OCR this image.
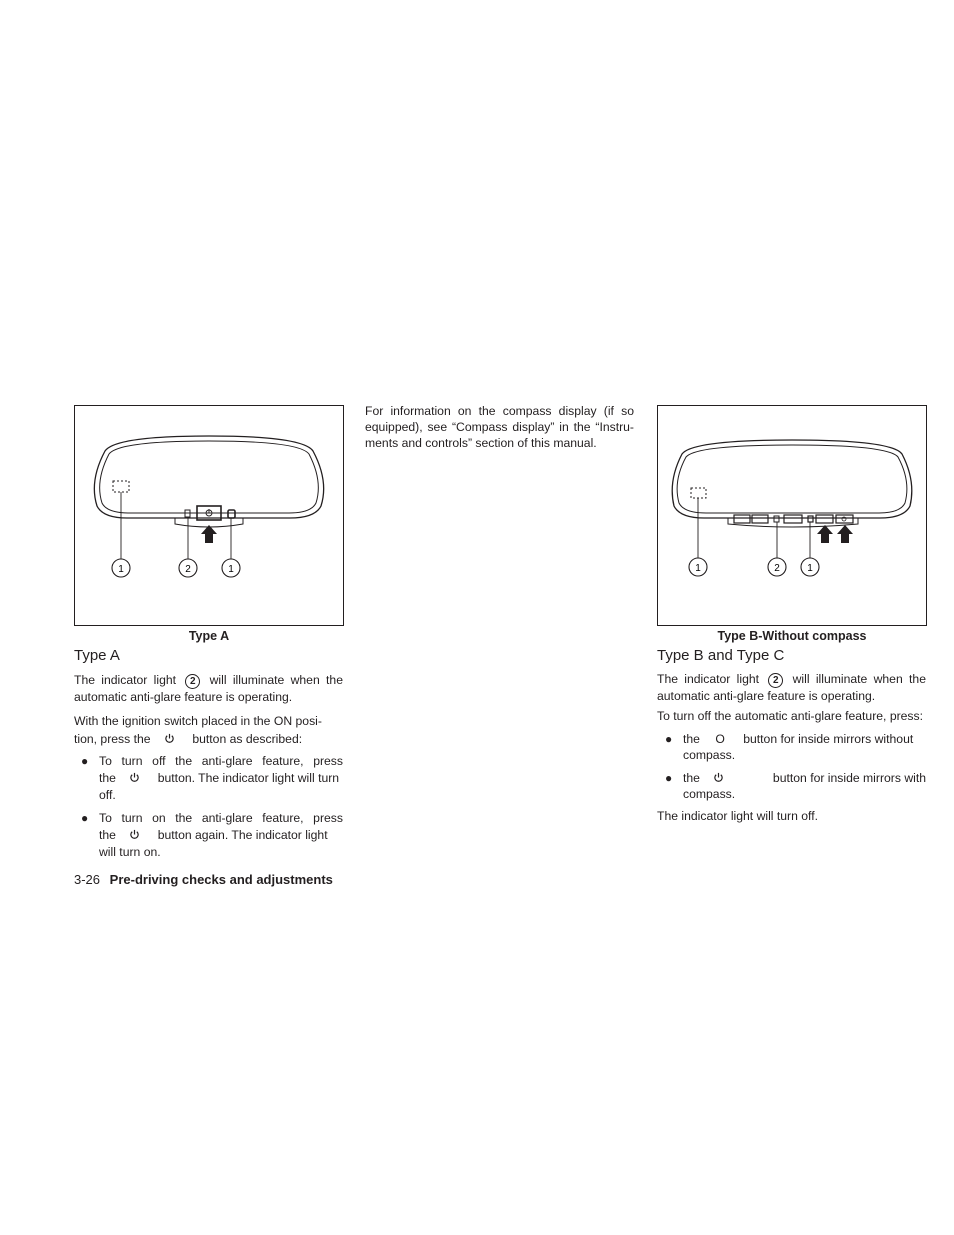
1	2	1
Type A
1	2	1
Type B-Without compass
For information on the compass display (if so equipped), see “Compass display” in the “Instru- ments and controls” section of this manual.
Type A
The indicator light 2 will illuminate when the automatic anti-glare feature is operating.
With the ignition switch placed in the ON posi-
tion, press the	button as described:
● To turn off the anti-glare feature, press
the	button. The indicator light will turn
off.
● To turn on the anti-glare feature, press
the	button again. The indicator light
will turn on.
Type B and Type C
The indicator light 2 will illuminate when the automatic anti-glare feature is operating.
To turn off the automatic anti-glare feature, press:
● the O button for inside mirrors without
compass.
● the	button for inside mirrors with
compass.
The indicator light will turn off.
3-26 Pre-driving checks and adjustments
